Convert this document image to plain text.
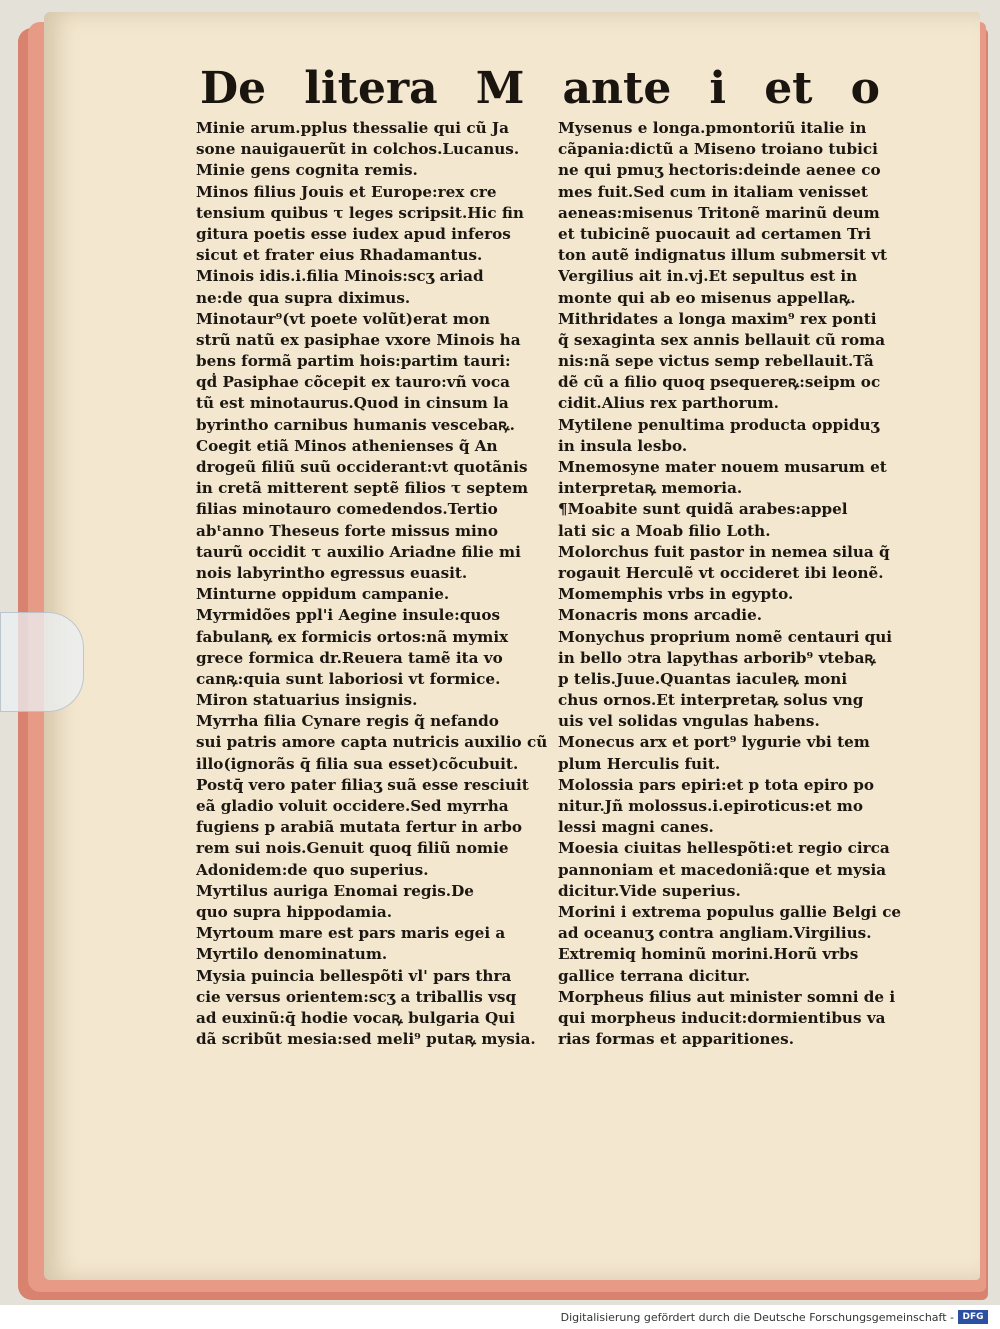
De litera M ante i et o
Minie arum.pplus thessalie qui cũ Ja
sone nauigauerũt in colchos.Lucanus.
Minie gens cognita remis.
Minos filius Jouis et Europe:rex cre
tensium quibus τ leges scripsit.Hic fin
gitura poetis esse iudex apud inferos
sicut et frater eius Rhadamantus.
Minois idis.i.filia Minois:scʒ ariad
ne:de qua supra diximus.
Minotaur⁹(vt poete volũt)erat mon
strũ natũ ex pasiphae vxore Minois ha
bens formã partim hois:partim tauri:
qḋ Pasiphae cõcepit ex tauro:vñ voca
tũ est minotaurus.Quod in cinsum la
byrintho carnibus humanis vescebaꝶ.
Coegit etiã Minos athenienses q̃ An
drogeũ filiũ suũ occiderant:vt quotãnis
in cretã mitterent septẽ filios τ septem
filias minotauro comedendos.Tertio
abᵗanno Theseus forte missus mino
taurũ occidit τ auxilio Ariadne filie mi
nois labyrintho egressus euasit.
Minturne oppidum campanie.
Myrmidões ppl'i Aegine insule:quos
fabulanꝶ ex formicis ortos:nã mymix
grece formica dr.Reuera tamẽ ita vo
canꝶ:quia sunt laboriosi vt formice.
Miron statuarius insignis.
Myrrha filia Cynare regis q̃ nefando
sui patris amore capta nutricis auxilio cũ
illo(ignorãs q̄ filia sua esset)cõcubuit.
Postq̄ vero pater filiaʒ suã esse resciuit
eã gladio voluit occidere.Sed myrrha
fugiens p arabiã mutata fertur in arbo
rem sui nois.Genuit quoq filiũ nomie
Adonidem:de quo superius.
Myrtilus auriga Enomai regis.De
quo supra hippodamia.
Myrtoum mare est pars maris egei a
Myrtilo denominatum.
Mysia puincia bellespõti vl' pars thra
cie versus orientem:scʒ a triballis vsq
ad euxinũ:q̄ hodie vocaꝶ bulgaria Qui
dã scribũt mesia:sed meli⁹ putaꝶ mysia.
Mysenus e longa.pmontoriũ italie in
cãpania:dictũ a Miseno troiano tubici
ne qui pmuʒ hectoris:deinde aenee co
mes fuit.Sed cum in italiam venisset
aeneas:misenus Tritonẽ marinũ deum
et tubicinẽ puocauit ad certamen Tri
ton autẽ indignatus illum submersit vt
Vergilius ait in.vj.Et sepultus est in
monte qui ab eo misenus appellaꝶ.
Mithridates a longa maxim⁹ rex ponti
q̃ sexaginta sex annis bellauit cũ roma
nis:nã sepe victus semp rebellauit.Tã
dẽ cũ a filio quoq psequereꝶ:seipm oc
cidit.Alius rex parthorum.
Mytilene penultima producta oppiduʒ
in insula lesbo.
Mnemosyne mater nouem musarum et
interpretaꝶ memoria.
¶Moabite sunt quidã arabes:appel
lati sic a Moab filio Loth.
Molorchus fuit pastor in nemea silua q̃
rogauit Herculẽ vt occideret ibi leonẽ.
Momemphis vrbs in egypto.
Monacris mons arcadie.
Monychus proprium nomẽ centauri qui
in bello ↄtra lapythas arborib⁹ vtebaꝶ
p telis.Juue.Quantas iaculeꝶ moni
chus ornos.Et interpretaꝶ solus vng
uis vel solidas vngulas habens.
Monecus arx et port⁹ lygurie vbi tem
plum Herculis fuit.
Molossia pars epiri:et p tota epiro po
nitur.Jñ molossus.i.epiroticus:et mo
lessi magni canes.
Moesia ciuitas hellespõti:et regio circa
pannoniam et macedoniã:que et mysia
dicitur.Vide superius.
Morini i extrema populus gallie Belgi ce
ad oceanuʒ contra angliam.Virgilius.
Extremiq hominũ morini.Horũ vrbs
gallice terrana dicitur.
Morpheus filius aut minister somni de i
qui morpheus inducit:dormientibus va
rias formas et apparitiones.
Digitalisierung gefördert durch die Deutsche Forschungsgemeinschaft - DFG
